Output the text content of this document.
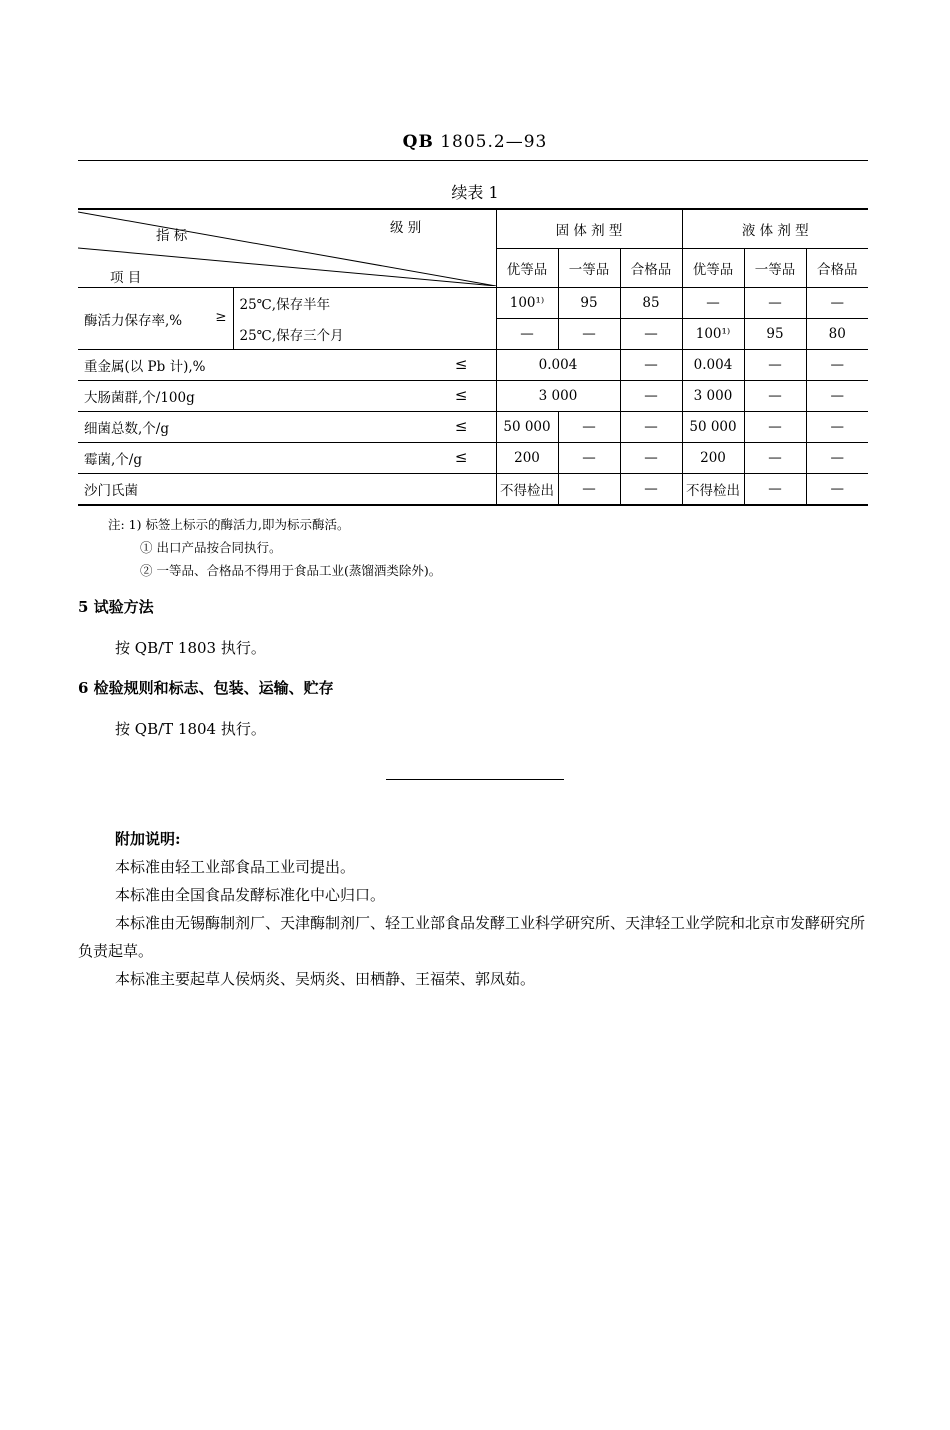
QB 1805.2—93
续表 1
指 标 级 别
项 目		固 体 剂 型			液 体 剂 型		
		优等品	一等品	合格品	优等品	一等品	合格品
酶活力保存率,% ≥	25℃,保存半年	100¹⁾	95	85	—	—	—
	25℃,保存三个月	—	—	—	100¹⁾	95	80
重金属(以 Pb 计),% ≤		0.004		—	0.004	—	—
大肠菌群,个/100g ≤		3 000		—	3 000	—	—
细菌总数,个/g ≤		50 000	—	—	50 000	—	—
霉菌,个/g ≤		200	—	—	200	—	—
沙门氏菌		不得检出	—	—	不得检出	—	—
注: 1) 标签上标示的酶活力,即为标示酶活。
① 出口产品按合同执行。
② 一等品、合格品不得用于食品工业(蒸馏酒类除外)。
5 试验方法
按 QB/T 1803 执行。
6 检验规则和标志、包装、运输、贮存
按 QB/T 1804 执行。

附加说明:

本标准由轻工业部食品工业司提出。

本标准由全国食品发酵标准化中心归口。

本标准由无锡酶制剂厂、天津酶制剂厂、轻工业部食品发酵工业科学研究所、天津轻工业学院和北京市发酵研究所负责起草。

本标准主要起草人侯炳炎、吴炳炎、田栖静、王福荣、郭凤茹。
